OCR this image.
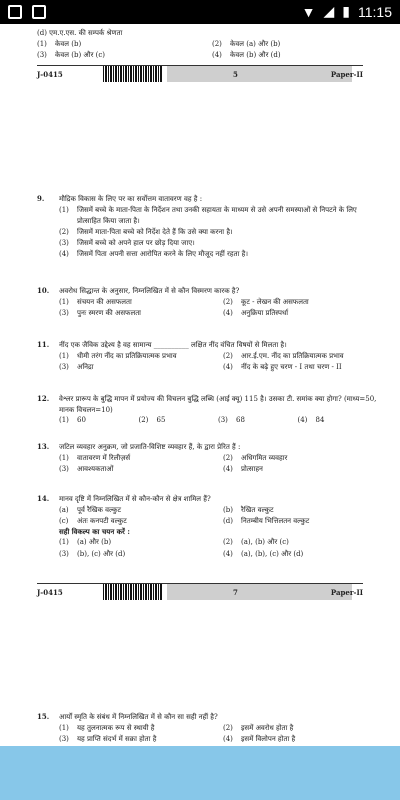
▼ ◢ ▮ 11:15
(d) एम.ए.एस. की सम्पर्क श्रेणता
(1)	केवल (b)	(2)	केवल (a) और (b)
(3)	केवल (b) और (c)	(4)	केवल (b) और (d)
J-0415	5	Paper-II
9.	मौद्रिक विकास के लिए पर का सर्वोत्तम वातावरण वह है :
(1)	जिसमें बच्चे के माता-पिता के निर्देशन तथा उनकी सहायता के माध्यम से उसे अपनी समस्याओं से निपटने के लिए प्रोत्साहित किया जाता है।
(2)	जिसमें माता-पिता बच्चे को निर्देश देते हैं कि उसे क्या करना है।
(3)	जिसमें बच्चे को अपने हाल पर छोड़ दिया जाए।
(4)	जिसमें पिता अपनी सत्ता आरोपित करने के लिए मौजूद नहीं रहता है।
10.	अवरोध सिद्धान्त के अनुसार, निम्नलिखित में से कौन विस्मरण कारक है?
(1)	संचयन की असफलता	(2)	कूट - लेखन की असफलता
(3)	पुनः स्मरण की असफलता	(4)	अनुक्रिया प्रतिस्पर्धा
11.	नींद एक जैविक उद्देश्य है वह सामान्य __________ लक्षित नींद वंचित विषयों से मिलता है।
(1)	धीमी तरंग नींद का प्रतिक्रियात्मक प्रभाव	(2)	आर.ई.एम. नींद का प्रतिक्रियात्मक प्रभाव
(3)	अनिद्रा	(4)	नींद के बढ़े हुए चरण - I तथा चरण - II
12.	वेश्लर प्रारूप के बुद्धि मापन में प्रयोज्य की विचलन बुद्धि लब्धि (आई क्यू) 115 है। उसका टी. समांक क्या होगा? (माध्य=50, मानक विचलन=10)
(1)	60	(2)	65	(3)	68	(4)	84
13.	जटिल व्यवहार अनुक्रम, जो प्रजाति-विशिष्ट व्यवहार हैं, के द्वारा प्रेरित हैं :
(1)	वातावरण में रिलीज़र्स	(2)	अधिगमित व्यवहार
(3)	आवश्यकताओं	(4)	प्रोत्साहन
14.	मानव दृष्टि में निम्नलिखित में से कौन-कौन से क्षेत्र शामिल हैं?
(a)	पूर्व रैखिक वल्कुट	(b)	रैखित वल्कुट
(c)	अंतः कनपटी वल्कुट	(d)	नितम्बीय भित्तिलतन वल्कुट
सही विकल्प का चयन करें :
(1)	(a) और (b)	(2)	(a), (b) और (c)
(3)	(b), (c) और (d)	(4)	(a), (b), (c) और (d)
J-0415	7	Paper-II
15.	आर्यों स्मृति के संबंध में निम्नलिखित में से कौन सा सही नहीं है?
(1)	यह तुलनात्मक रूप से स्थायी है	(2)	इसमें अवरोध होता है
(3)	यह प्राप्ति संदर्भ में सक्रा होता है	(4)	इसमें विलोपन होता है
